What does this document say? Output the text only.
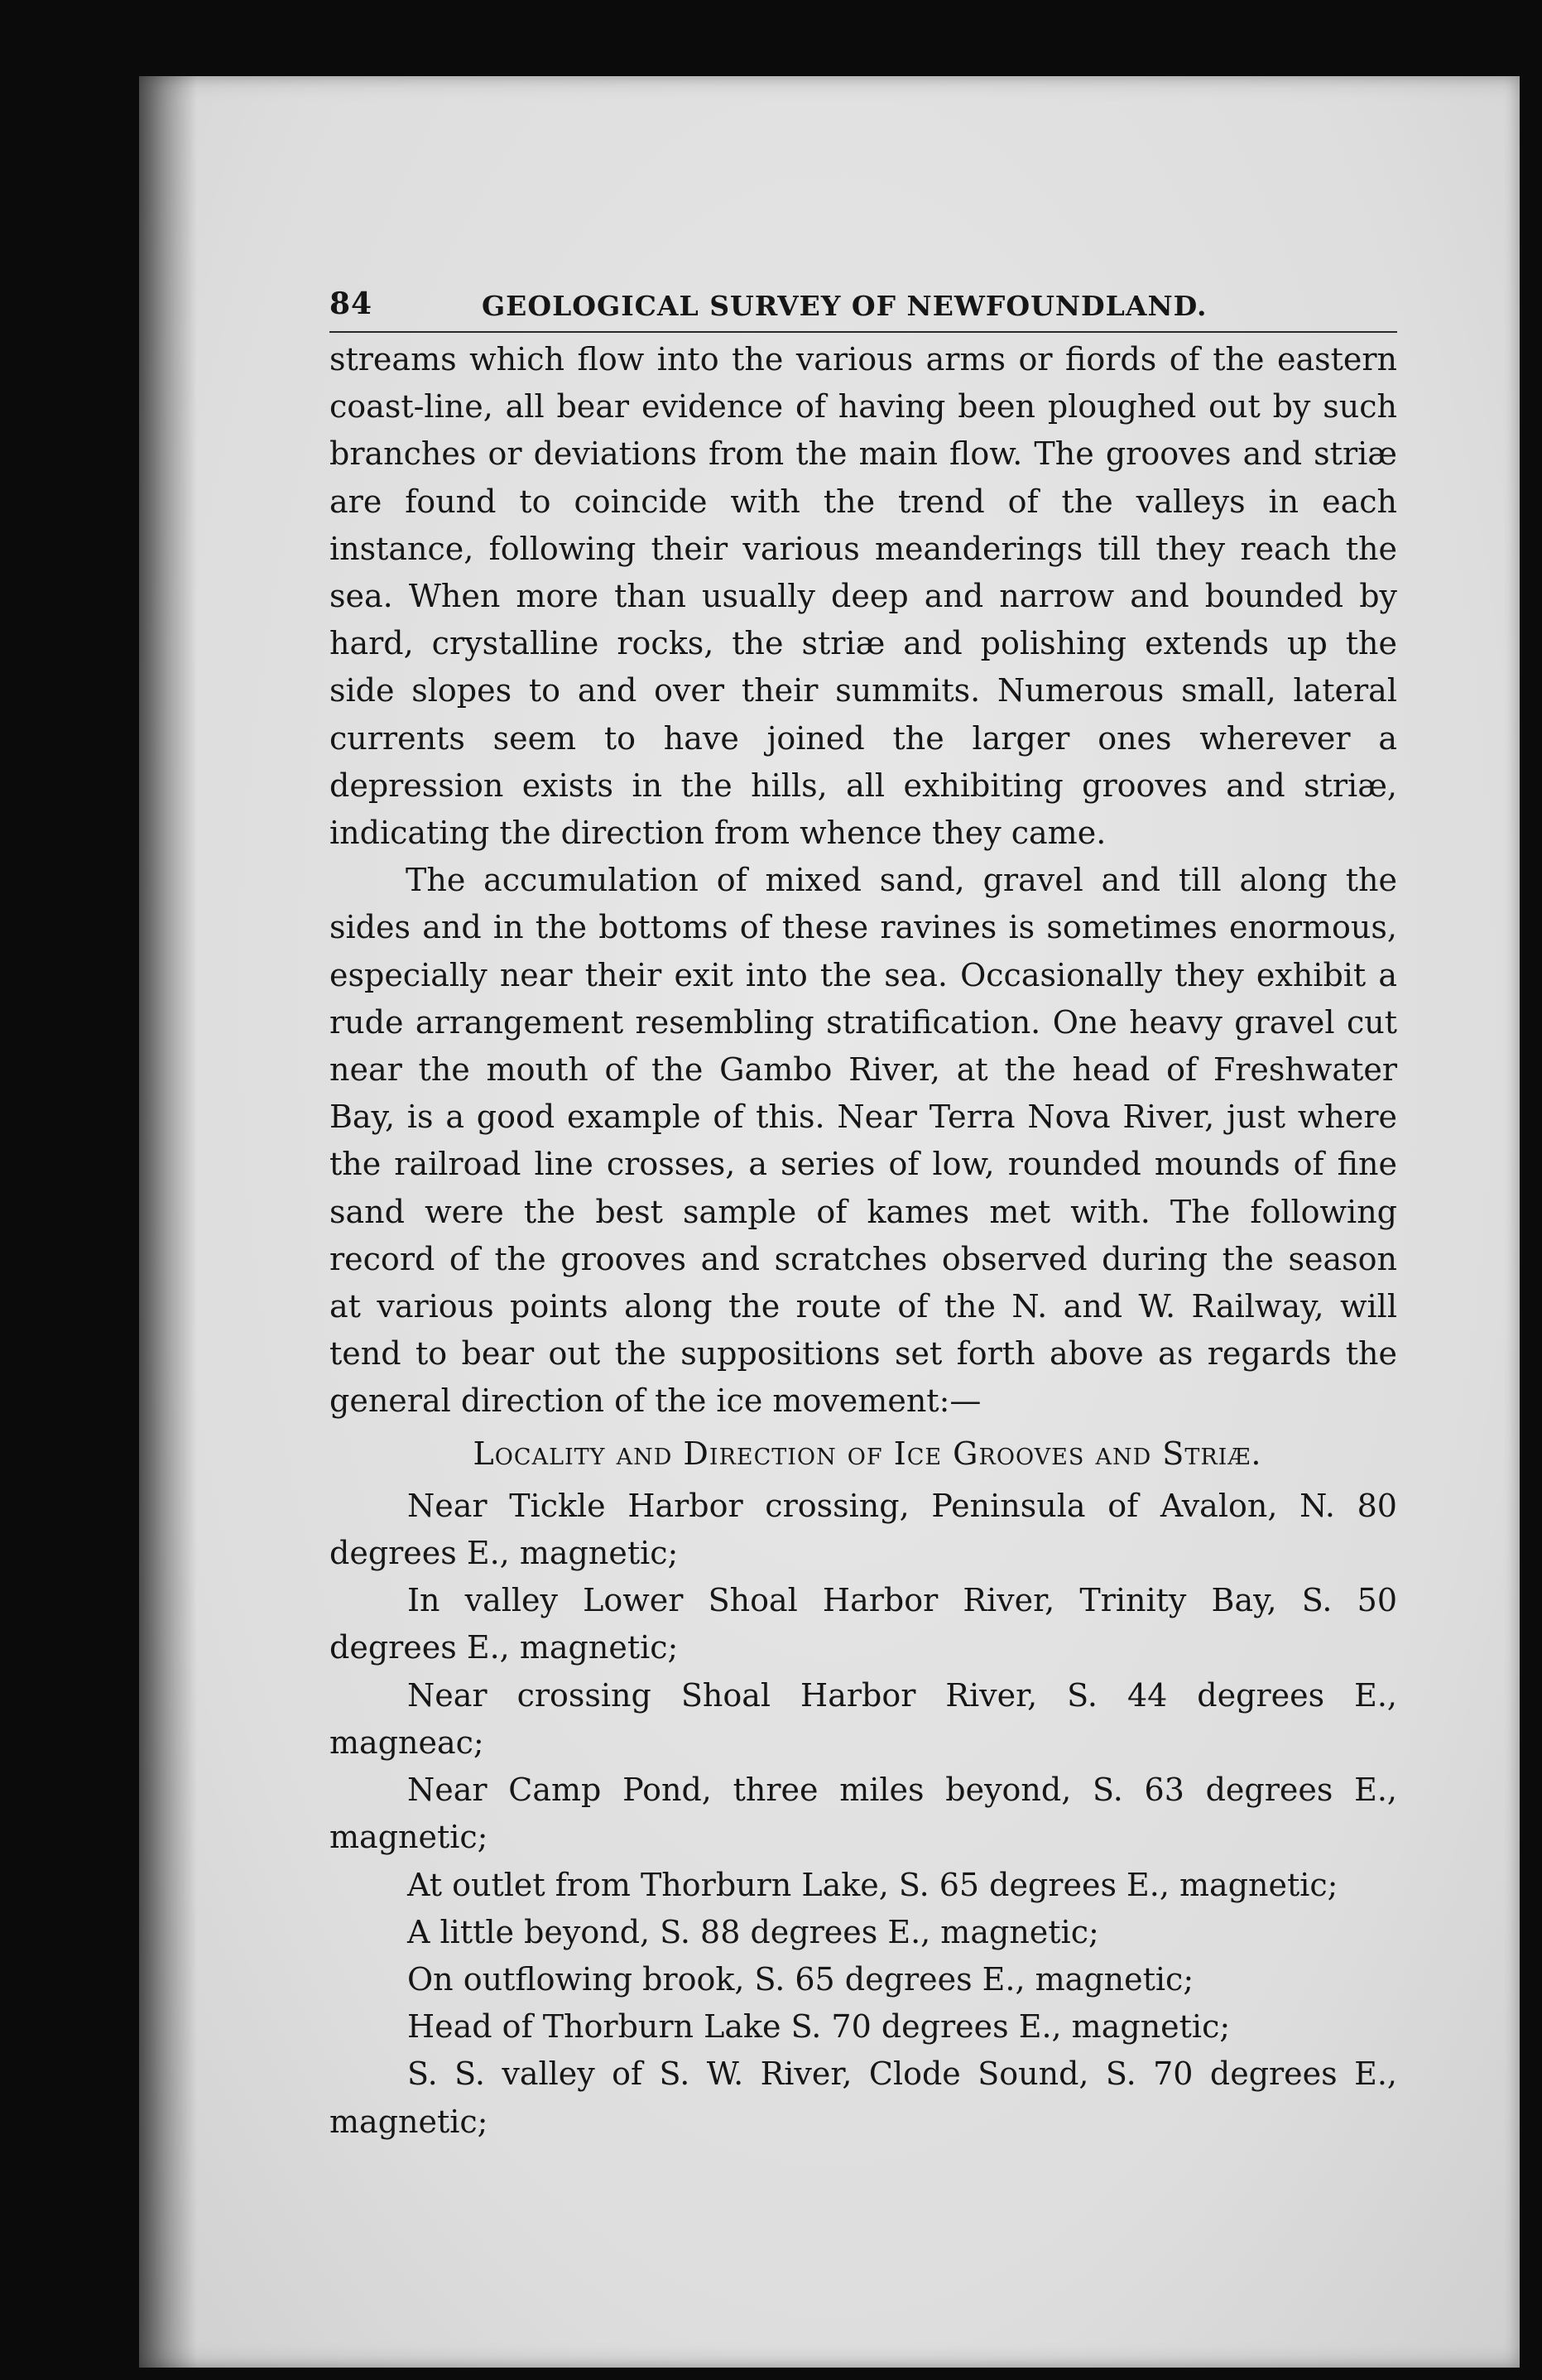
84	GEOLOGICAL SURVEY OF NEWFOUNDLAND.

streams which flow into the various arms or fiords of the eastern coast-line, all bear evidence of having been ploughed out by such branches or deviations from the main flow. The grooves and striæ are found to coincide with the trend of the valleys in each instance, following their various meanderings till they reach the sea. When more than usually deep and narrow and bounded by hard, crystalline rocks, the striæ and polishing extends up the side slopes to and over their summits. Numerous small, lateral currents seem to have joined the larger ones wherever a depression exists in the hills, all exhibiting grooves and striæ, indicating the direction from whence they came.

The accumulation of mixed sand, gravel and till along the sides and in the bottoms of these ravines is sometimes enormous, especially near their exit into the sea. Occasionally they exhibit a rude arrangement resembling stratification. One heavy gravel cut near the mouth of the Gambo River, at the head of Freshwater Bay, is a good example of this. Near Terra Nova River, just where the railroad line crosses, a series of low, rounded mounds of fine sand were the best sample of kames met with. The following record of the grooves and scratches observed during the season at various points along the route of the N. and W. Railway, will tend to bear out the suppositions set forth above as regards the general direction of the ice movement:—

Locality and Direction of Ice Grooves and Striæ.

Near Tickle Harbor crossing, Peninsula of Avalon, N. 80 degrees E., magnetic;

In valley Lower Shoal Harbor River, Trinity Bay, S. 50 degrees E., magnetic;

Near crossing Shoal Harbor River, S. 44 degrees E., magneac;

Near Camp Pond, three miles beyond, S. 63 degrees E., magnetic;

At outlet from Thorburn Lake, S. 65 degrees E., magnetic;

A little beyond, S. 88 degrees E., magnetic;

On outflowing brook, S. 65 degrees E., magnetic;

Head of Thorburn Lake S. 70 degrees E., magnetic;

S. S. valley of S. W. River, Clode Sound, S. 70 degrees E., magnetic;
